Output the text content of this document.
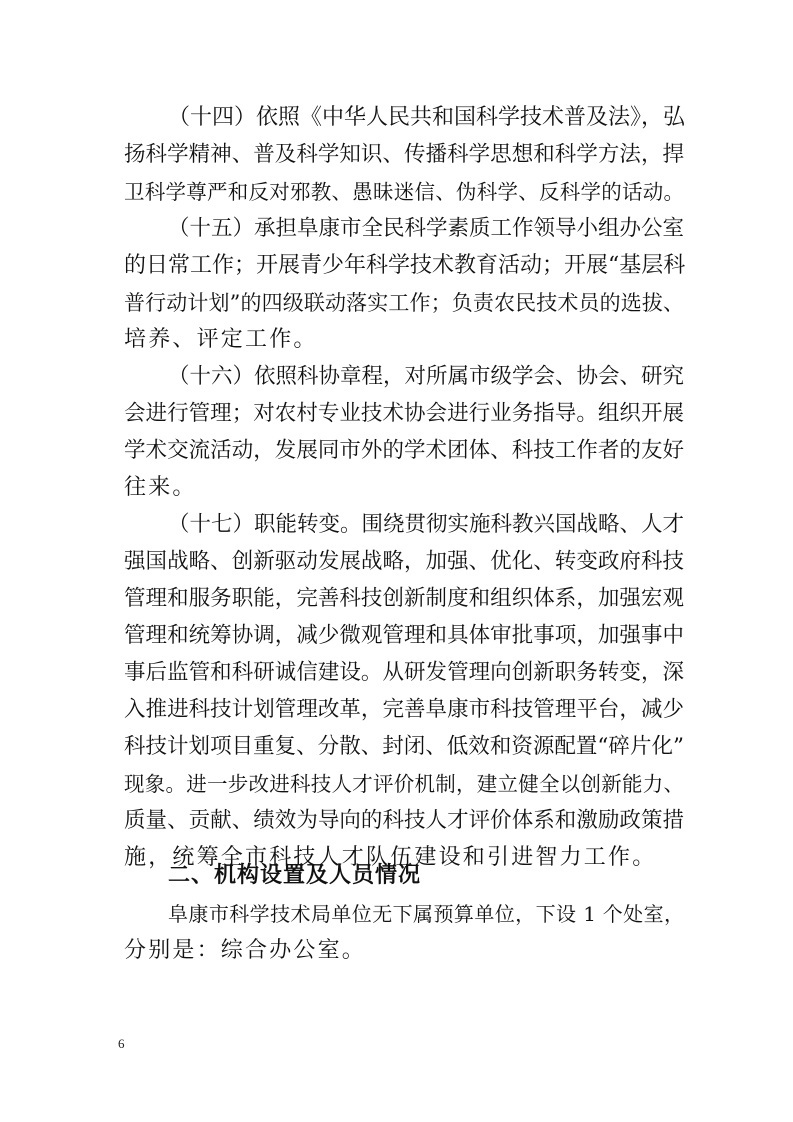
（十四）依照《中华人民共和国科学技术普及法》，弘
扬科学精神、普及科学知识、传播科学思想和科学方法，捍
卫科学尊严和反对邪教、愚昧迷信、伪科学、反科学的话动。
（十五）承担阜康市全民科学素质工作领导小组办公室
的日常工作；开展青少年科学技术教育活动；开展“基层科
普行动计划”的四级联动落实工作；负责农民技术员的选拔、
培养、评定工作。
（十六）依照科协章程，对所属市级学会、协会、研究
会进行管理；对农村专业技术协会进行业务指导。组织开展
学术交流活动，发展同市外的学术团体、科技工作者的友好
往来。
（十七）职能转变。围绕贯彻实施科教兴国战略、人才
强国战略、创新驱动发展战略，加强、优化、转变政府科技
管理和服务职能，完善科技创新制度和组织体系，加强宏观
管理和统筹协调，减少微观管理和具体审批事项，加强事中
事后监管和科研诚信建设。从研发管理向创新职务转变，深
入推进科技计划管理改革，完善阜康市科技管理平台，减少
科技计划项目重复、分散、封闭、低效和资源配置“碎片化”
现象。进一步改进科技人才评价机制，建立健全以创新能力、
质量、贡献、绩效为导向的科技人才评价体系和激励政策措
施，统筹全市科技人才队伍建设和引进智力工作。
二、机构设置及人员情况
阜康市科学技术局单位无下属预算单位，下设 1 个处室，
分别是：综合办公室。
6
